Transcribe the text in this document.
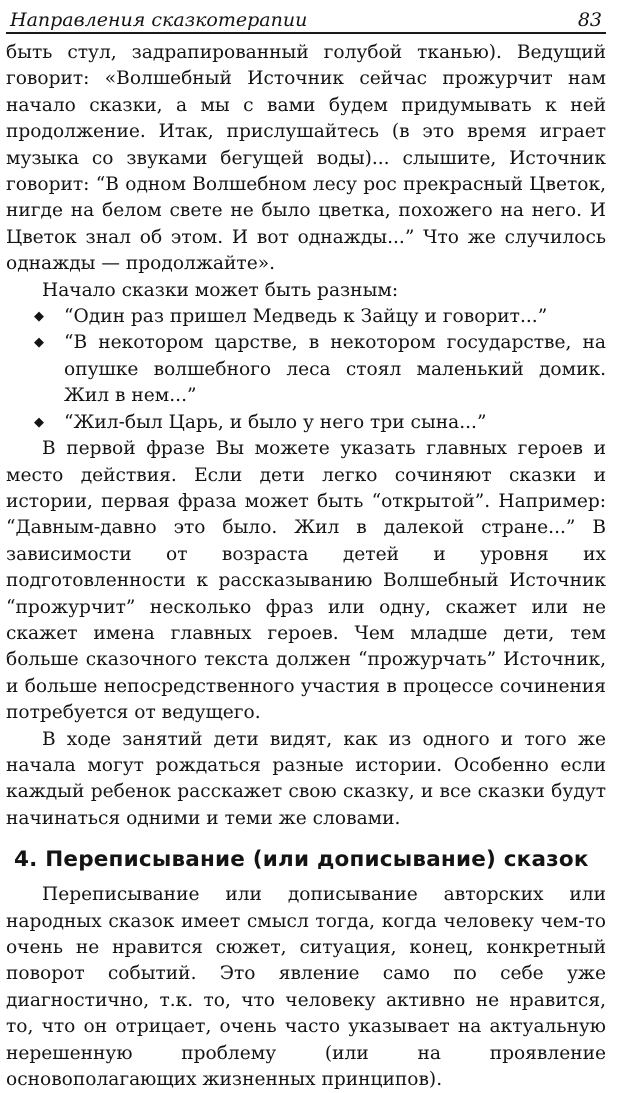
Направления сказкотерапии	83

быть стул, задрапированный голубой тканью). Ведущий говорит: «Волшебный Источник сейчас прожурчит нам начало сказки, а мы с вами будем придумывать к ней продолжение. Итак, прислушайтесь (в это время играет музыка со звуками бегущей воды)... слышите, Источник говорит: “В одном Волшебном лесу рос прекрасный Цветок, нигде на белом свете не было цветка, похожего на него. И Цветок знал об этом. И вот однажды...” Что же случилось однажды — продолжайте».

Начало сказки может быть разным:

◆ “Один раз пришел Медведь к Зайцу и говорит...”
◆ “В некотором царстве, в некотором государстве, на опушке волшебного леса стоял маленький домик. Жил в нем...”
◆ “Жил-был Царь, и было у него три сына...”

В первой фразе Вы можете указать главных героев и место действия. Если дети легко сочиняют сказки и истории, первая фраза может быть “открытой”. Например: “Давным-давно это было. Жил в далекой стране...” В зависимости от возраста детей и уровня их подготовленности к рассказыванию Волшебный Источник “прожурчит” несколько фраз или одну, скажет или не скажет имена главных героев. Чем младше дети, тем больше сказочного текста должен “прожурчать” Источник, и больше непосредственного участия в процессе сочинения потребуется от ведущего.

В ходе занятий дети видят, как из одного и того же начала могут рождаться разные истории. Особенно если каждый ребенок расскажет свою сказку, и все сказки будут начинаться одними и теми же словами.

4. Переписывание (или дописывание) сказок

Переписывание или дописывание авторских или народных сказок имеет смысл тогда, когда человеку чем-то очень не нравится сюжет, ситуация, конец, конкретный поворот событий. Это явление само по себе уже диагностично, т.к. то, что человеку активно не нравится, то, что он отрицает, очень часто указывает на актуальную нерешенную проблему (или на проявление основополагающих жизненных принципов).
